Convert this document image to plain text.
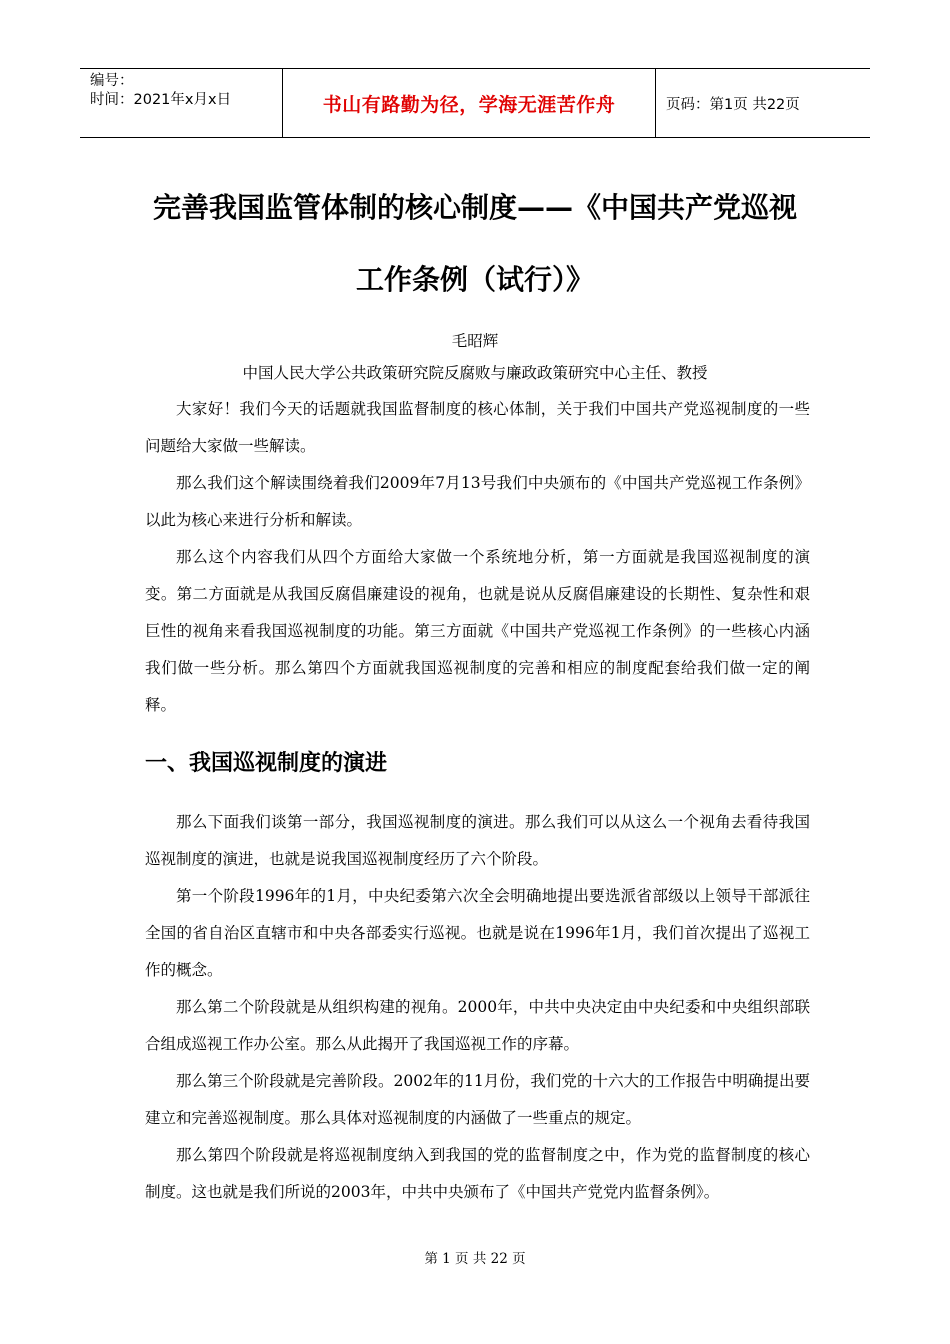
编号：
时间：2021年x月x日	书山有路勤为径，学海无涯苦作舟	页码：第1页 共22页
完善我国监管体制的核心制度——《中国共产党巡视
工作条例（试行）》
毛昭辉
中国人民大学公共政策研究院反腐败与廉政政策研究中心主任、教授

大家好！我们今天的话题就我国监督制度的核心体制，关于我们中国共产党巡视制度的一些问题给大家做一些解读。

那么我们这个解读围绕着我们2009年7月13号我们中央颁布的《中国共产党巡视工作条例》以此为核心来进行分析和解读。

那么这个内容我们从四个方面给大家做一个系统地分析，第一方面就是我国巡视制度的演变。第二方面就是从我国反腐倡廉建设的视角，也就是说从反腐倡廉建设的长期性、复杂性和艰巨性的视角来看我国巡视制度的功能。第三方面就《中国共产党巡视工作条例》的一些核心内涵我们做一些分析。那么第四个方面就我国巡视制度的完善和相应的制度配套给我们做一定的阐释。

一、我国巡视制度的演进

那么下面我们谈第一部分，我国巡视制度的演进。那么我们可以从这么一个视角去看待我国巡视制度的演进，也就是说我国巡视制度经历了六个阶段。

第一个阶段1996年的1月，中央纪委第六次全会明确地提出要选派省部级以上领导干部派往全国的省自治区直辖市和中央各部委实行巡视。也就是说在1996年1月，我们首次提出了巡视工作的概念。

那么第二个阶段就是从组织构建的视角。2000年，中共中央决定由中央纪委和中央组织部联合组成巡视工作办公室。那么从此揭开了我国巡视工作的序幕。

那么第三个阶段就是完善阶段。2002年的11月份，我们党的十六大的工作报告中明确提出要建立和完善巡视制度。那么具体对巡视制度的内涵做了一些重点的规定。

那么第四个阶段就是将巡视制度纳入到我国的党的监督制度之中，作为党的监督制度的核心制度。这也就是我们所说的2003年，中共中央颁布了《中国共产党党内监督条例》。

第 1 页 共 22 页
